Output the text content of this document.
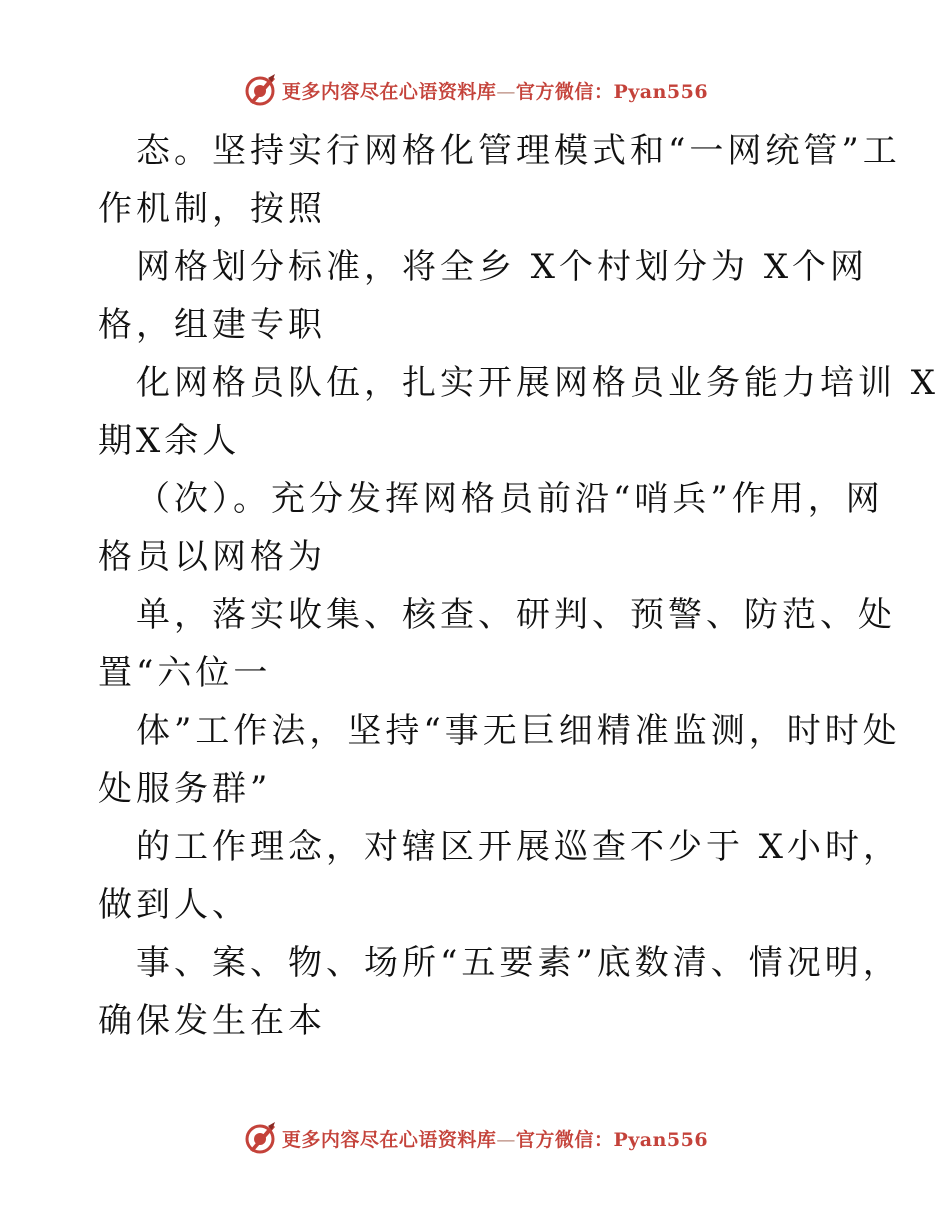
更多内容尽在心语资料库—官方微信：Pyan556
态。坚持实行网格化管理模式和“一网统管”工
作机制，按照
网格划分标准，将全乡 X个村划分为 X个网
格，组建专职
化网格员队伍，扎实开展网格员业务能力培训 X
期X余人
（次）。充分发挥网格员前沿“哨兵”作用，网
格员以网格为
单，落实收集、核查、研判、预警、防范、处
置“六位一
体”工作法，坚持“事无巨细精准监测，时时处
处服务群”
的工作理念，对辖区开展巡查不少于 X小时，
做到人、
事、案、物、场所“五要素”底数清、情况明，
确保发生在本
更多内容尽在心语资料库—官方微信：Pyan556
